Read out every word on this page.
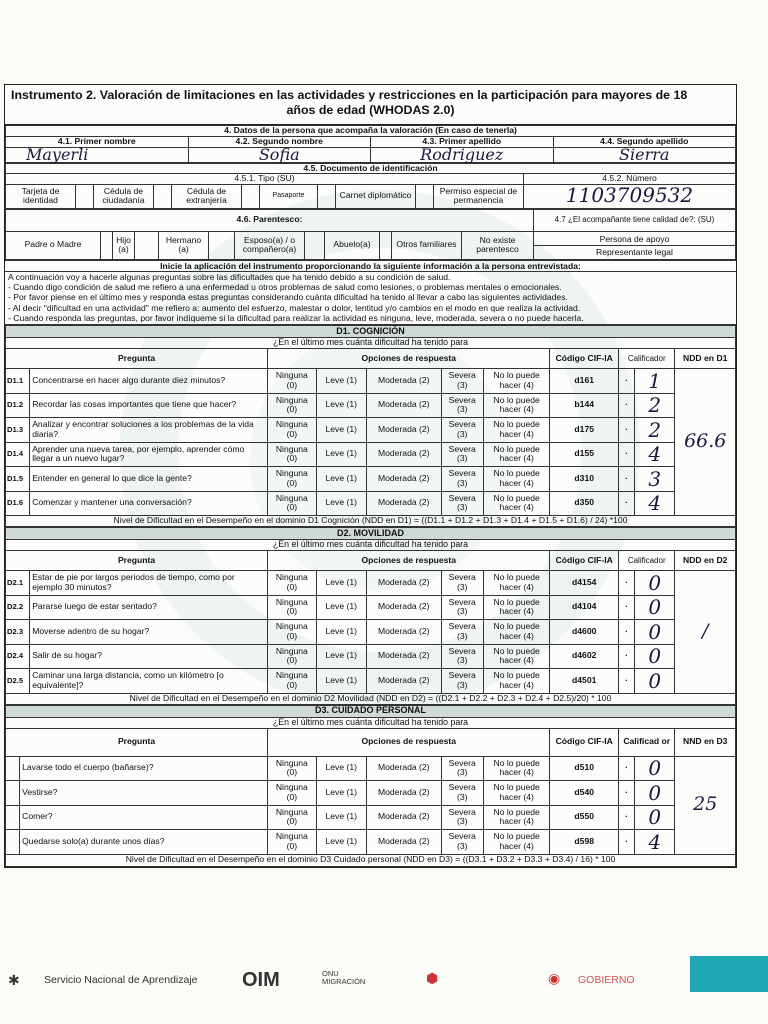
Instrumento 2. Valoración de limitaciones en las actividades y restricciones en la participación para mayores de 18
años de edad (WHODAS 2.0)
4. Datos de la persona que acompaña la valoración (En caso de tenerla)			
4.1. Primer nombre	4.2. Segundo nombre	4.3. Primer apellido	4.4. Segundo apellido
Mayerli	Sofia	Rodriguez	Sierra
4.5. Documento de identificación											
4.5.1. Tipo (SU)											4.5.2. Número
Tarjeta de identidad		Cédula de ciudadanía		Cédula de extranjería		Pasaporte		Carnet diplomático		Permiso especial de permanencia	1103709532
4.6. Parentesco:												4.7 ¿El acompañante tiene calidad de?: (SU)
Padre o Madre		Hijo (a)		Hermano (a)		Esposo(a) / o compañero(a)		Abuelo(a)		Otros familiares	No existe parentesco	Persona de apoyo
Representante legal
Inicie la aplicación del instrumento proporcionando la siguiente información a la persona entrevistada:
A continuación voy a hacerle algunas preguntas sobre las dificultades que ha tenido debido a su condición de salud.
- Cuando digo condición de salud me refiero a una enfermedad u otros problemas de salud como lesiones, o problemas mentales o emocionales.
- Por favor piense en el último mes y responda estas preguntas considerando cuánta dificultad ha tenido al llevar a cabo las siguientes actividades.
- Al decir "dificultad en una actividad" me refiero a: aumento del esfuerzo, malestar o dolor, lentitud y/o cambios en el modo en que realiza la actividad.
- Cuando responda las preguntas, por favor indíqueme si la dificultad para realizar la actividad es ninguna, leve, moderada, severa o no puede hacerla.
D1. COGNICIÓN										
¿En el último mes cuánta dificultad ha tenido para										
Pregunta		Opciones de respuesta					Código CIF-IA	Calificador		NDD en D1
D1.1	Concentrarse en hacer algo durante diez minutos?	Ninguna (0)	Leve (1)	Moderada (2)	Severa (3)	No lo puede hacer (4)	d161	·	1	66.6
D1.2	Recordar las cosas importantes que tiene que hacer?	Ninguna (0)	Leve (1)	Moderada (2)	Severa (3)	No lo puede hacer (4)	b144	·	2	
D1.3	Analizar y encontrar soluciones a los problemas de la vida diaria?	Ninguna (0)	Leve (1)	Moderada (2)	Severa (3)	No lo puede hacer (4)	d175	·	2	
D1.4	Aprender una nueva tarea, por ejemplo, aprender cómo llegar a un nuevo lugar?	Ninguna (0)	Leve (1)	Moderada (2)	Severa (3)	No lo puede hacer (4)	d155	·	4	
D1.5	Entender en general lo que dice la gente?	Ninguna (0)	Leve (1)	Moderada (2)	Severa (3)	No lo puede hacer (4)	d310	·	3	
D1.6	Comenzar y mantener una conversación?	Ninguna (0)	Leve (1)	Moderada (2)	Severa (3)	No lo puede hacer (4)	d350	·	4	
Nivel de Dificultad en el Desempeño en el dominio D1 Cognición (NDD en D1) = ((D1.1 + D1.2 + D1.3 + D1.4 + D1.5 + D1.6) / 24) *100										
D2. MOVILIDAD										
¿En el último mes cuánta dificultad ha tenido para										
Pregunta		Opciones de respuesta					Código CIF-IA	Calificador		NDD en D2
D2.1	Estar de pie por largos periodos de tiempo, como por ejemplo 30 minutos?	Ninguna (0)	Leve (1)	Moderada (2)	Severa (3)	No lo puede hacer (4)	d4154	·	0	/
D2.2	Pararse luego de estar sentado?	Ninguna (0)	Leve (1)	Moderada (2)	Severa (3)	No lo puede hacer (4)	d4104	·	0	
D2.3	Moverse adentro de su hogar?	Ninguna (0)	Leve (1)	Moderada (2)	Severa (3)	No lo puede hacer (4)	d4600	·	0	
D2.4	Salir de su hogar?	Ninguna (0)	Leve (1)	Moderada (2)	Severa (3)	No lo puede hacer (4)	d4602	·	0	
D2.5	Caminar una larga distancia, como un kilómetro [o equivalente]?	Ninguna (0)	Leve (1)	Moderada (2)	Severa (3)	No lo puede hacer (4)	d4501	·	0	
Nivel de Dificultad en el Desempeño en el dominio D2 Movilidad (NDD en D2) = ((D2.1 + D2.2 + D2.3 + D2.4 + D2.5)/20) * 100										
D3. CUIDADO PERSONAL										
¿En el último mes cuánta dificultad ha tenido para										
Pregunta		Opciones de respuesta					Código CIF-IA	Calificad or		NND en D3
	Lavarse todo el cuerpo (bañarse)?	Ninguna (0)	Leve (1)	Moderada (2)	Severa (3)	No lo puede hacer (4)	d510	·	0	25
	Vestirse?	Ninguna (0)	Leve (1)	Moderada (2)	Severa (3)	No lo puede hacer (4)	d540	·	0	
	Comer?	Ninguna (0)	Leve (1)	Moderada (2)	Severa (3)	No lo puede hacer (4)	d550	·	0	
	Quedarse solo(a) durante unos días?	Ninguna (0)	Leve (1)	Moderada (2)	Severa (3)	No lo puede hacer (4)	d598	·	4	
Nivel de Dificultad en el Desempeño en el dominio D3 Cuidado personal (NDD en D3) = ((D3.1 + D3.2 + D3.3 + D3.4) / 16) * 100										
✱ Servicio Nacional de Aprendizaje OIM	ONU MIGRACIÓN	⬢	◉ GOBIERNO
